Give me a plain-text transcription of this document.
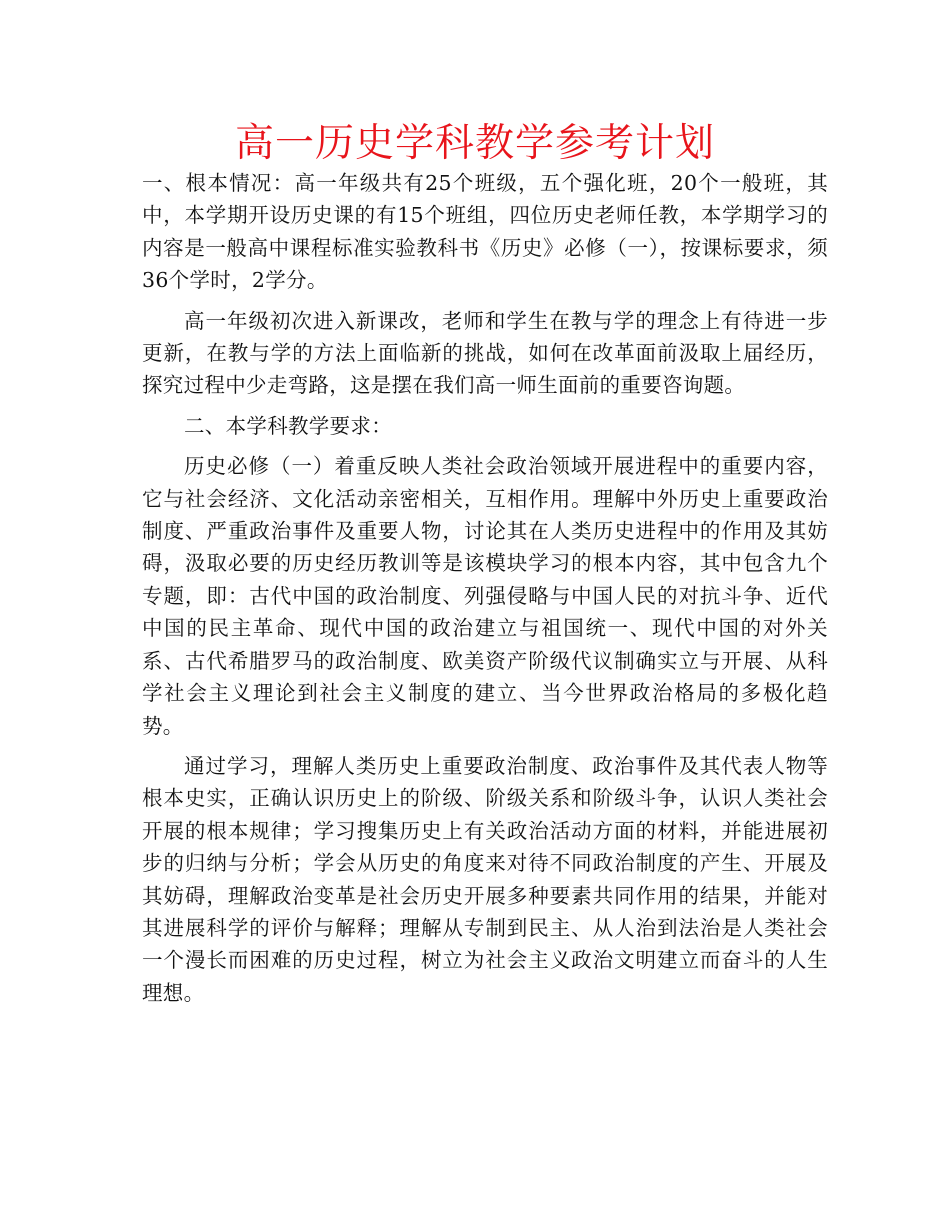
高一历史学科教学参考计划

一、根本情况：高一年级共有25个班级，五个强化班，20个一般班，其中，本学期开设历史课的有15个班组，四位历史老师任教，本学期学习的内容是一般高中课程标准实验教科书《历史》必修（一），按课标要求，须36个学时，2学分。

高一年级初次进入新课改，老师和学生在教与学的理念上有待进一步更新，在教与学的方法上面临新的挑战，如何在改革面前汲取上届经历，探究过程中少走弯路，这是摆在我们高一师生面前的重要咨询题。

二、本学科教学要求：

历史必修（一）着重反映人类社会政治领域开展进程中的重要内容，它与社会经济、文化活动亲密相关，互相作用。理解中外历史上重要政治制度、严重政治事件及重要人物，讨论其在人类历史进程中的作用及其妨碍，汲取必要的历史经历教训等是该模块学习的根本内容，其中包含九个专题，即：古代中国的政治制度、列强侵略与中国人民的对抗斗争、近代中国的民主革命、现代中国的政治建立与祖国统一、现代中国的对外关系、古代希腊罗马的政治制度、欧美资产阶级代议制确实立与开展、从科学社会主义理论到社会主义制度的建立、当今世界政治格局的多极化趋势。

通过学习，理解人类历史上重要政治制度、政治事件及其代表人物等根本史实，正确认识历史上的阶级、阶级关系和阶级斗争，认识人类社会开展的根本规律；学习搜集历史上有关政治活动方面的材料，并能进展初步的归纳与分析；学会从历史的角度来对待不同政治制度的产生、开展及其妨碍，理解政治变革是社会历史开展多种要素共同作用的结果，并能对其进展科学的评价与解释；理解从专制到民主、从人治到法治是人类社会一个漫长而困难的历史过程，树立为社会主义政治文明建立而奋斗的人生理想。
